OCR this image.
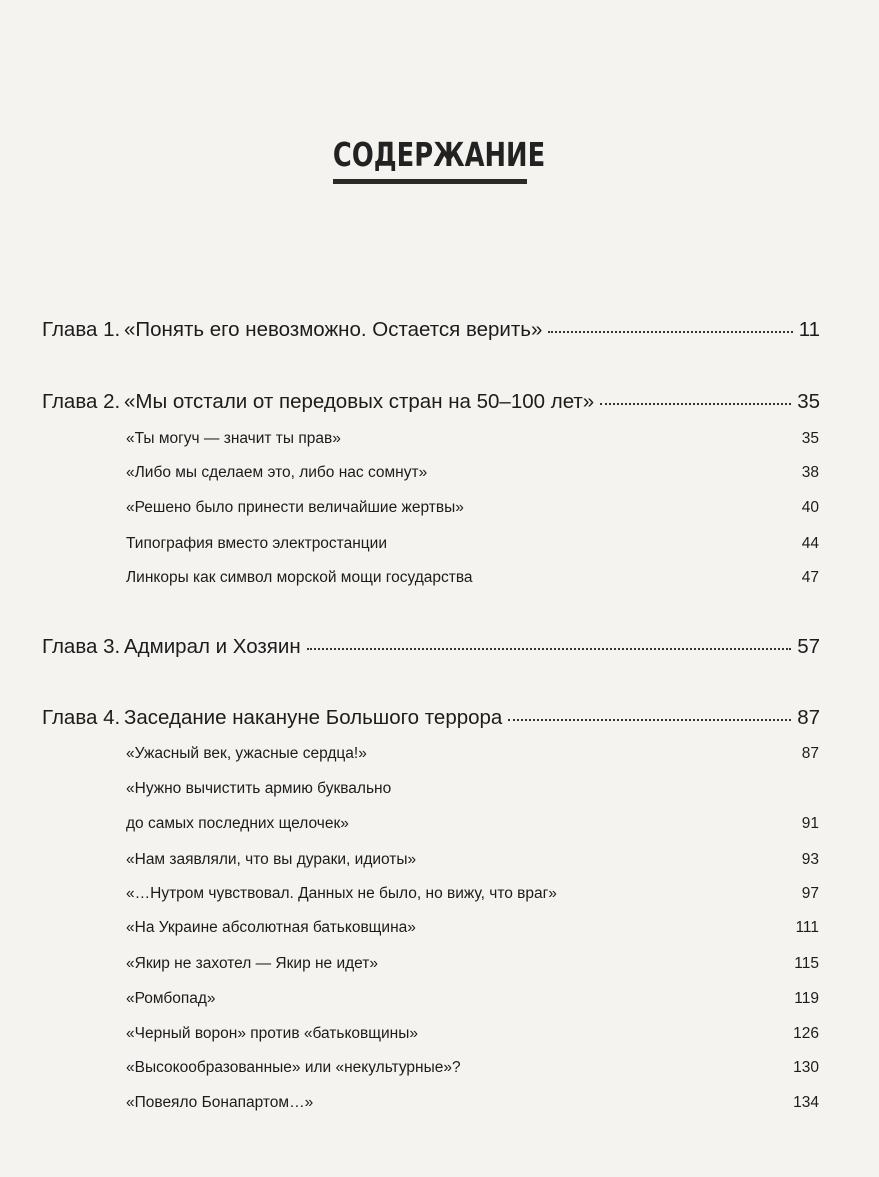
СОДЕРЖАНИЕ
Глава 1. «Понять его невозможно. Остается верить»	11
Глава 2. «Мы отстали от передовых стран на 50–100 лет»	35
«Ты могуч — значит ты прав»	35
«Либо мы сделаем это, либо нас сомнут»	38
«Решено было принести величайшие жертвы»	40
Типография вместо электростанции	44
Линкоры как символ морской мощи государства	47
Глава 3. Адмирал и Хозяин	57
Глава 4. Заседание накануне Большого террора	87
«Ужасный век, ужасные сердца!»	87
«Нужно вычистить армию буквально
до самых последних щелочек»	91
«Нам заявляли, что вы дураки, идиоты»	93
«…Нутром чувствовал. Данных не было, но вижу, что враг»	97
«На Украине абсолютная батьковщина»	111
«Якир не захотел — Якир не идет»	115
«Ромбопад»	119
«Черный ворон» против «батьковщины»	126
«Высокообразованные» или «некультурные»?	130
«Повеяло Бонапартом…»	134
